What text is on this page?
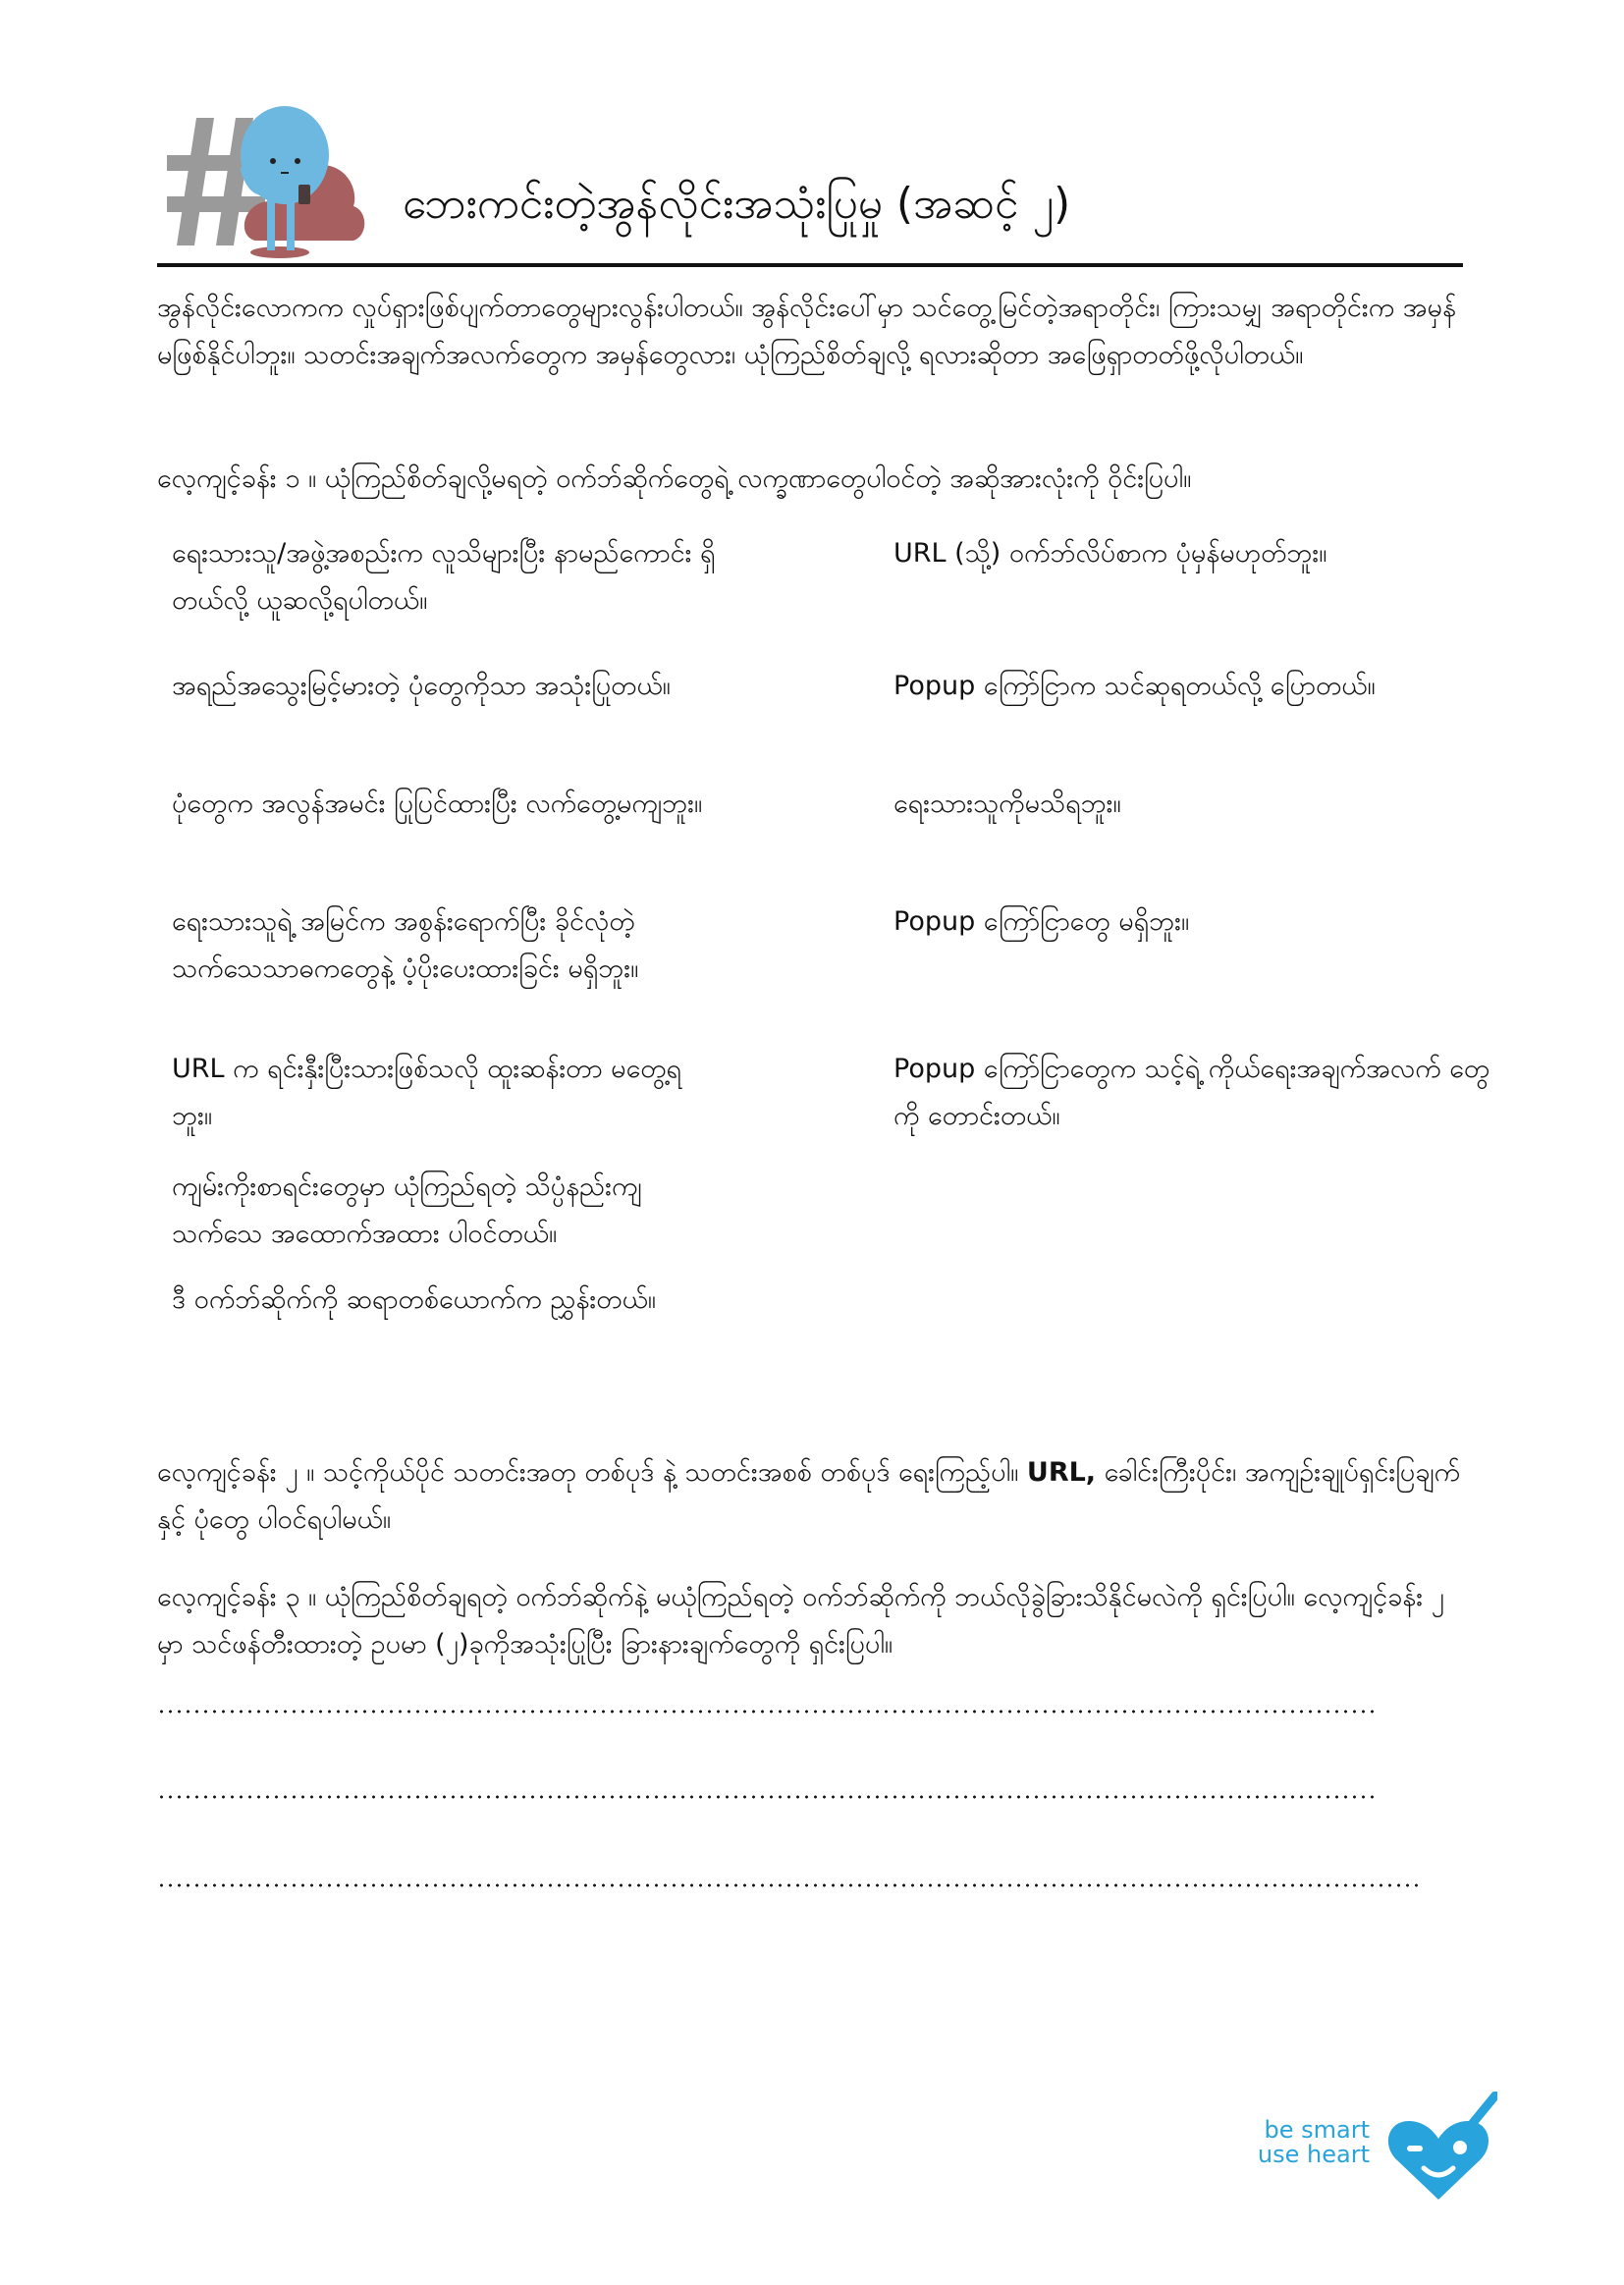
ဘေးကင်းတဲ့အွန်လိုင်းအသုံးပြုမှု (အဆင့် ၂)
အွန်လိုင်းလောကက လှုပ်ရှားဖြစ်ပျက်တာတွေများလွန်းပါတယ်။ အွန်လိုင်းပေါ်မှာ သင်တွေ့မြင်တဲ့အရာတိုင်း၊ ကြားသမျှ အရာတိုင်းက အမှန်မဖြစ်နိုင်ပါဘူး။ သတင်းအချက်အလက်တွေက အမှန်တွေလား၊ ယုံကြည်စိတ်ချလို့ ရလားဆိုတာ အဖြေရှာတတ်ဖို့လိုပါတယ်။
လေ့ကျင့်ခန်း ၁ ။ ယုံကြည်စိတ်ချလို့မရတဲ့ ဝက်ဘ်ဆိုက်တွေရဲ့ လက္ခဏာတွေပါဝင်တဲ့ အဆိုအားလုံးကို ဝိုင်းပြပါ။
ရေးသားသူ/အဖွဲ့အစည်းက လူသိများပြီး နာမည်ကောင်း ရှိတယ်လို့ ယူဆလို့ရပါတယ်။
အရည်အသွေးမြင့်မားတဲ့ ပုံတွေကိုသာ အသုံးပြုတယ်။
ပုံတွေက အလွန်အမင်း ပြုပြင်ထားပြီး လက်တွေ့မကျဘူး။
ရေးသားသူရဲ့ အမြင်က အစွန်းရောက်ပြီး ခိုင်လုံတဲ့ သက်သေသာဓကတွေနဲ့ ပံ့ပိုးပေးထားခြင်း မရှိဘူး။
URL က ရင်းနှီးပြီးသားဖြစ်သလို ထူးဆန်းတာ မတွေ့ရဘူး။
ကျမ်းကိုးစာရင်းတွေမှာ ယုံကြည်ရတဲ့ သိပ္ပံနည်းကျ သက်သေ အထောက်အထား ပါဝင်တယ်။
ဒီ ဝက်ဘ်ဆိုက်ကို ဆရာတစ်ယောက်က ညွှန်းတယ်။
URL (သို့) ဝက်ဘ်လိပ်စာက ပုံမှန်မဟုတ်ဘူး။
Popup ကြော်ငြာက သင်ဆုရတယ်လို့ ပြောတယ်။
ရေးသားသူကိုမသိရဘူး။
Popup ကြော်ငြာတွေ မရှိဘူး။
Popup ကြော်ငြာတွေက သင့်ရဲ့ ကိုယ်ရေးအချက်အလက် တွေကို တောင်းတယ်။
လေ့ကျင့်ခန်း ၂ ။ သင့်ကိုယ်ပိုင် သတင်းအတု တစ်ပုဒ် နဲ့ သတင်းအစစ် တစ်ပုဒ် ရေးကြည့်ပါ။ URL, ခေါင်းကြီးပိုင်း၊ အကျဉ်းချုပ်ရှင်းပြချက် နှင့် ပုံတွေ ပါဝင်ရပါမယ်။
လေ့ကျင့်ခန်း ၃ ။ ယုံကြည်စိတ်ချရတဲ့ ဝက်ဘ်ဆိုက်နဲ့ မယုံကြည်ရတဲ့ ဝက်ဘ်ဆိုက်ကို ဘယ်လိုခွဲခြားသိနိုင်မလဲကို ရှင်းပြပါ။ လေ့ကျင့်ခန်း ၂ မှာ သင်ဖန်တီးထားတဲ့ ဥပမာ (၂)ခုကိုအသုံးပြုပြီး ခြားနားချက်တွေကို ရှင်းပြပါ။
be smart
use heart
